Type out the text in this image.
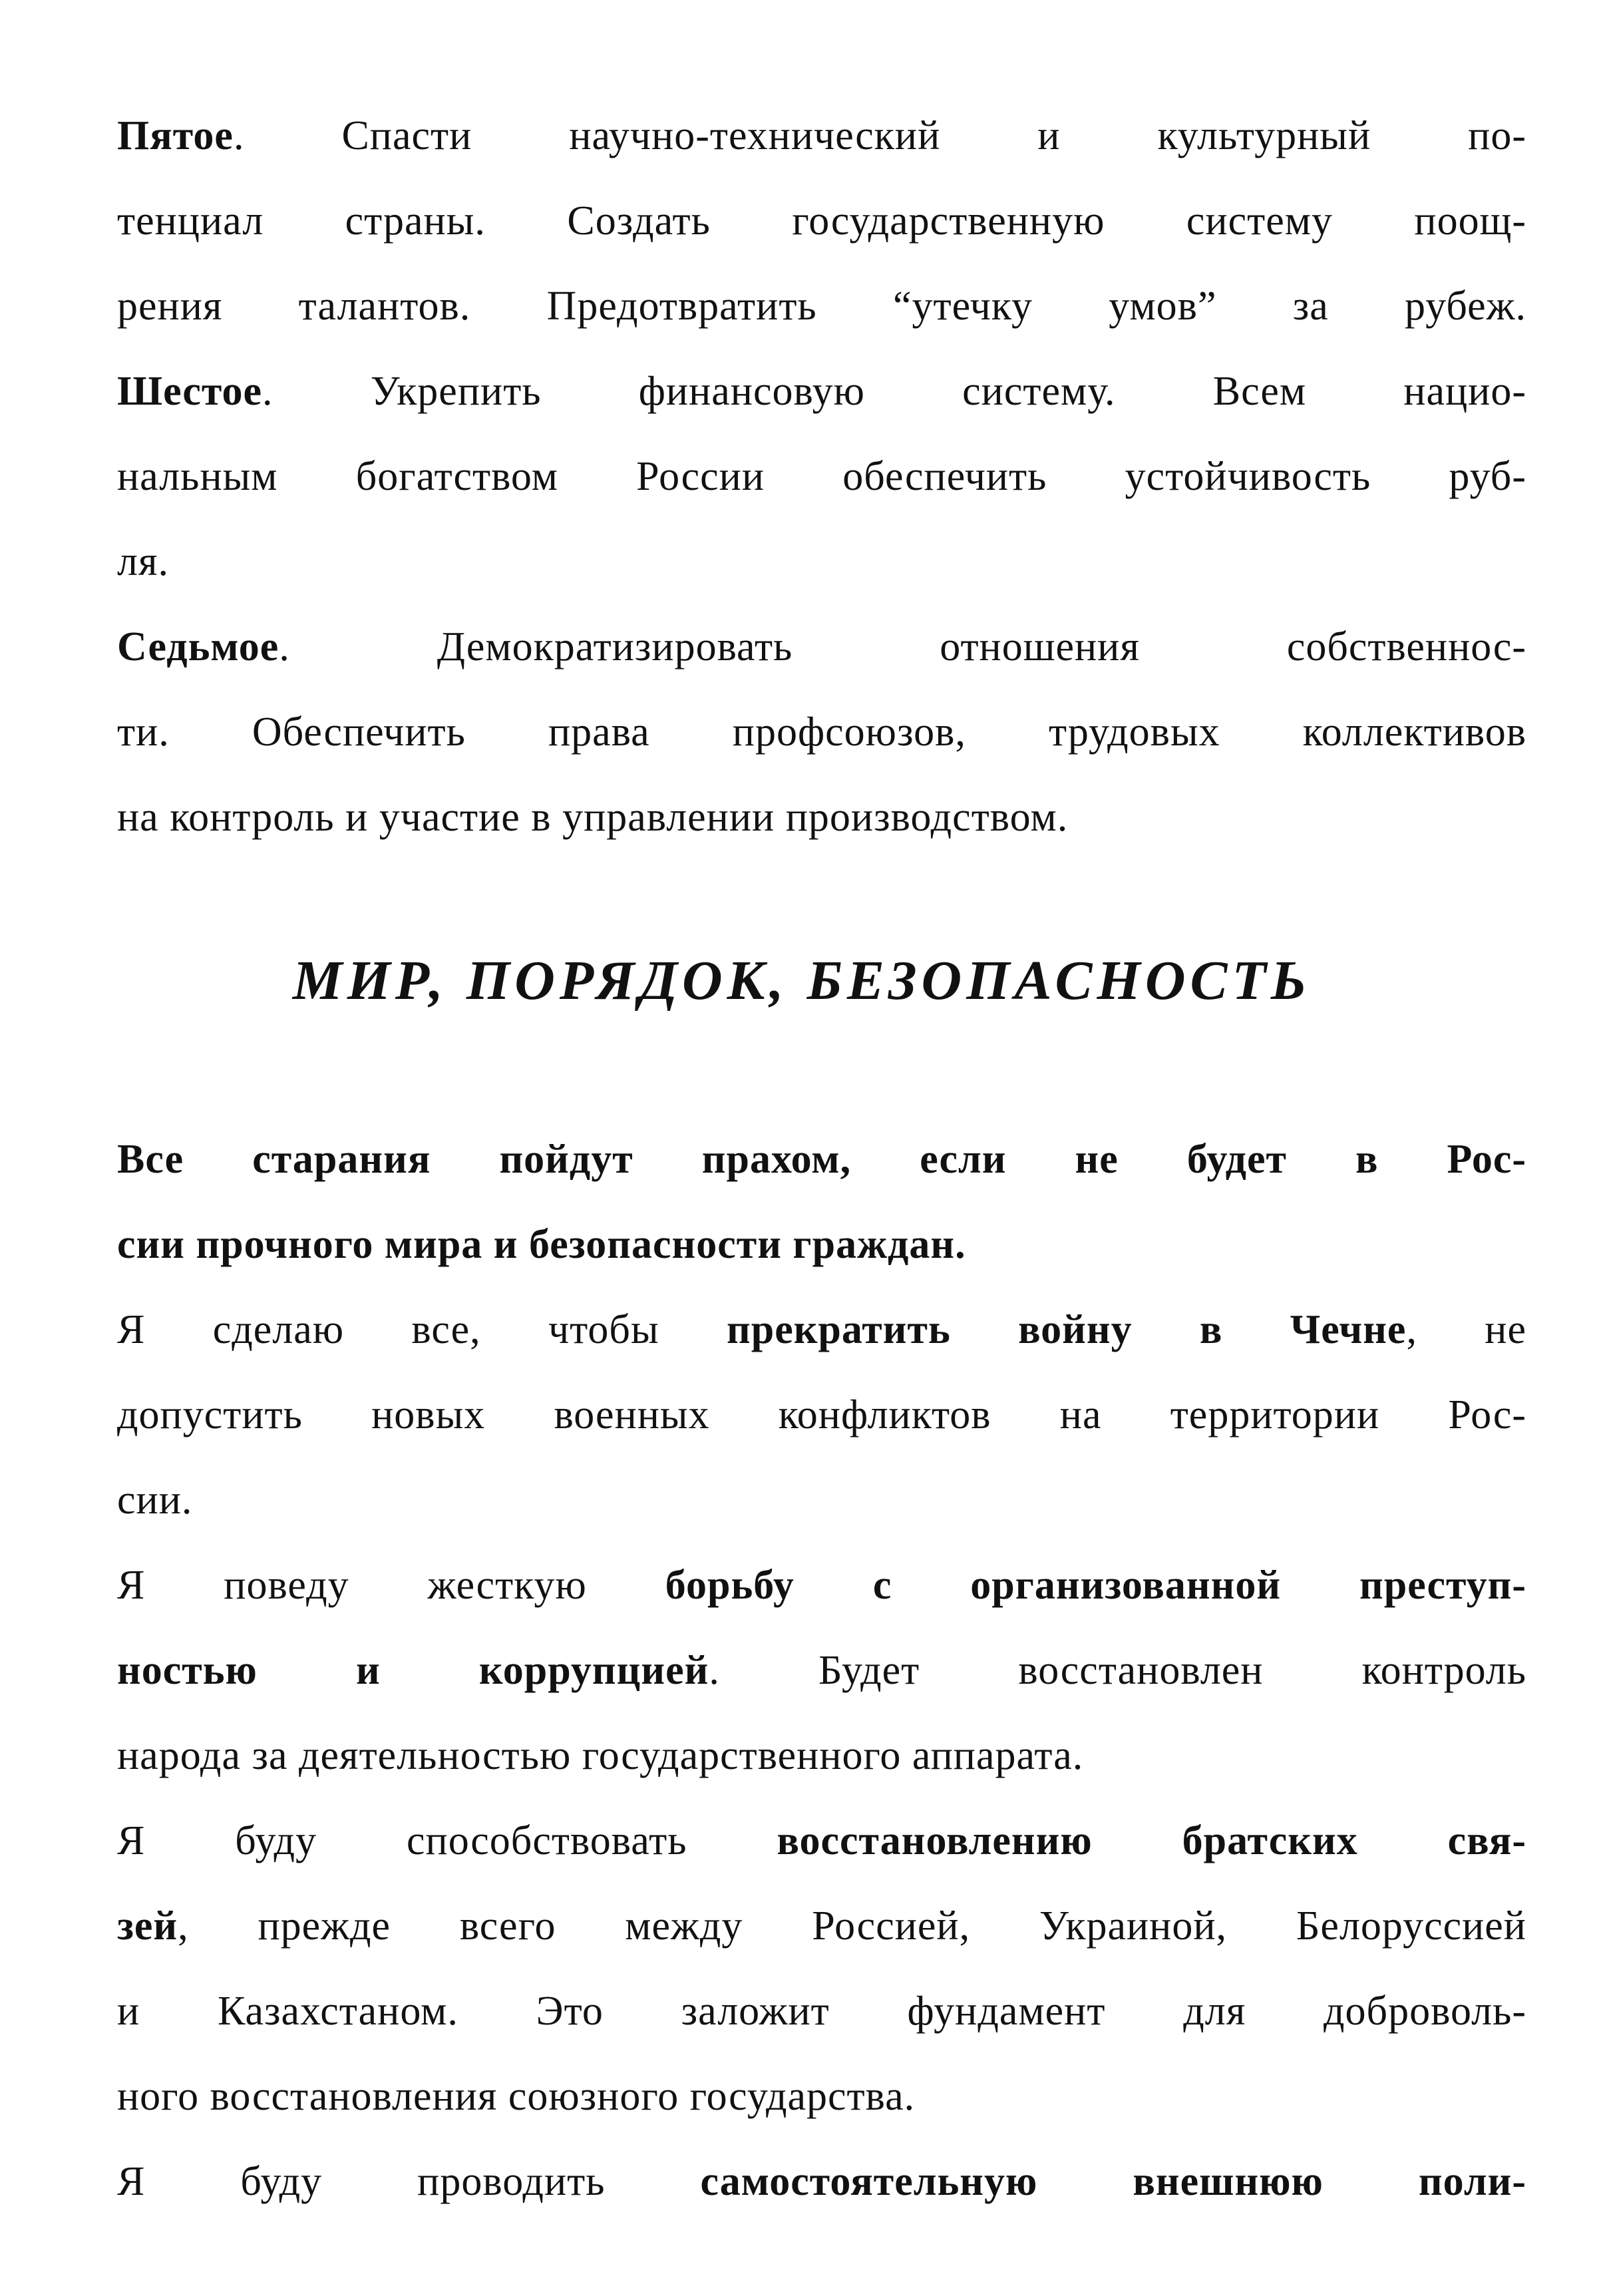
Пятое. Спасти научно-технический и культурный по-
тенциал страны. Создать государственную систему поощ-
рения талантов. Предотвратить “утечку умов” за рубеж.
Шестое. Укрепить финансовую систему. Всем нацио-
нальным богатством России обеспечить устойчивость руб-
ля.
Седьмое. Демократизировать отношения собственнос-
ти. Обеспечить права профсоюзов, трудовых коллективов
на контроль и участие в управлении производством.
МИР, ПОРЯДОК, БЕЗОПАСНОСТЬ
Все старания пойдут прахом, если не будет в Рос-
сии прочного мира и безопасности граждан.
Я сделаю все, чтобы прекратить войну в Чечне, не
допустить новых военных конфликтов на территории Рос-
сии.
Я поведу жесткую борьбу с организованной преступ-
ностью и коррупцией. Будет восстановлен контроль
народа за деятельностью государственного аппарата.
Я буду способствовать восстановлению братских свя-
зей, прежде всего между Россией, Украиной, Белоруссией
и Казахстаном. Это заложит фундамент для доброволь-
ного восстановления союзного государства.
Я буду проводить самостоятельную внешнюю поли-
